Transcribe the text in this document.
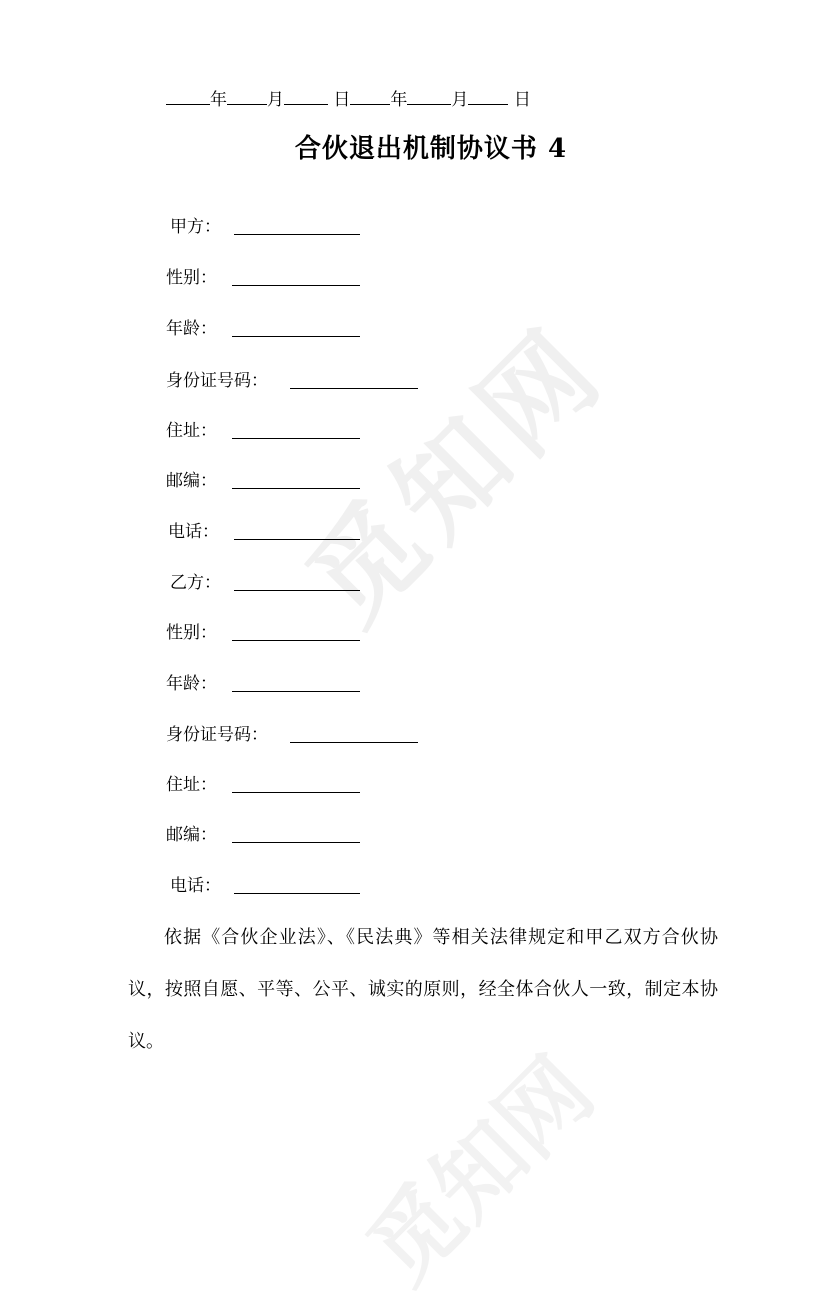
觅知网
觅知网
年 月	日 年	月	日
合伙退出机制协议书 4
甲方：
性别：
年龄：
身份证号码：
住址：
邮编：
电话：
乙方：
性别：
年龄：
身份证号码：
住址：
邮编：
电话：
依据《合伙企业法》、《民法典》等相关法律规定和甲乙双方合伙协议，按照自愿、平等、公平、诚实的原则，经全体合伙人一致，制定本协议。
